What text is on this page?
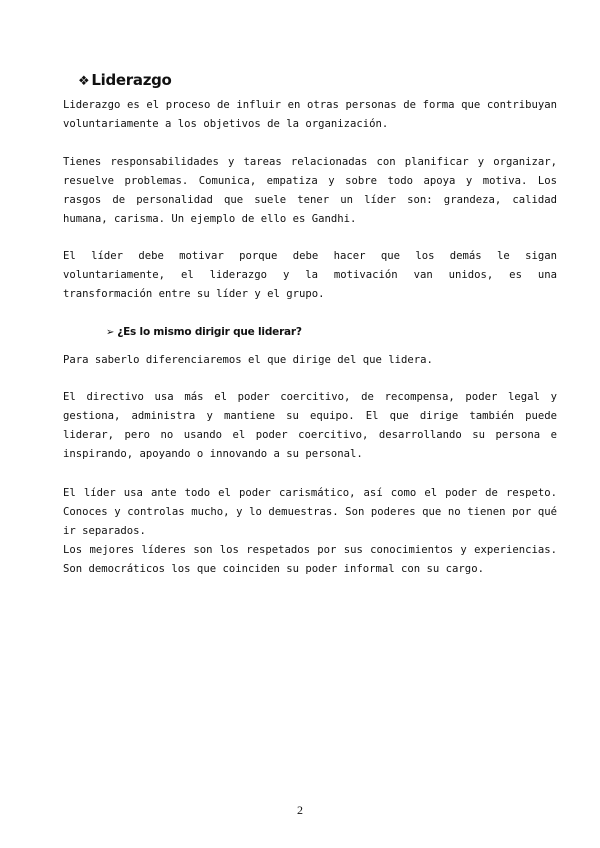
❖ Liderazgo

Liderazgo es el proceso de influir en otras personas de forma que contribuyan voluntariamente a los objetivos de la organización.

Tienes responsabilidades y tareas relacionadas con planificar y organizar, resuelve problemas. Comunica, empatiza y sobre todo apoya y motiva. Los rasgos de personalidad que suele tener un líder son: grandeza, calidad humana, carisma. Un ejemplo de ello es Gandhi.

El líder debe motivar porque debe hacer que los demás le sigan voluntariamente, el liderazgo y la motivación van unidos, es una transformación entre su líder y el grupo.

➢ ¿Es lo mismo dirigir que liderar?

Para saberlo diferenciaremos el que dirige del que lidera.

El directivo usa más el poder coercitivo, de recompensa, poder legal y gestiona, administra y mantiene su equipo. El que dirige también puede liderar, pero no usando el poder coercitivo, desarrollando su persona e inspirando, apoyando o innovando a su personal.

El líder usa ante todo el poder carismático, así como el poder de respeto. Conoces y controlas mucho, y lo demuestras. Son poderes que no tienen por qué ir separados.

Los mejores líderes son los respetados por sus conocimientos y experiencias. Son democráticos los que coinciden su poder informal con su cargo.

2
